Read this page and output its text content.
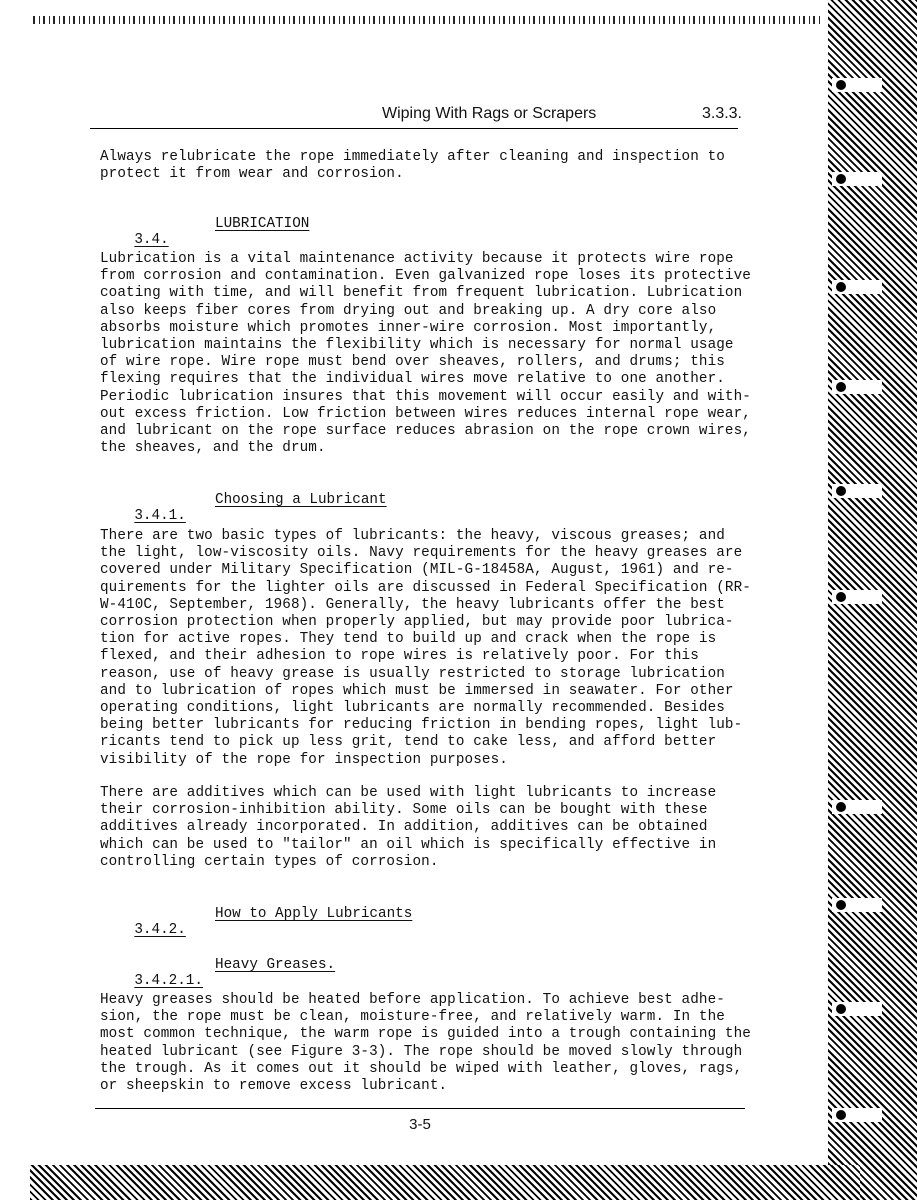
Wiping With Rags or Scrapers	3.3.3.

Always relubricate the rope immediately after cleaning and inspection to
protect it from wear and corrosion.

3.4.

LUBRICATION

Lubrication is a vital maintenance activity because it protects wire rope
from corrosion and contamination. Even galvanized rope loses its protective
coating with time, and will benefit from frequent lubrication. Lubrication
also keeps fiber cores from drying out and breaking up. A dry core also
absorbs moisture which promotes inner-wire corrosion. Most importantly,
lubrication maintains the flexibility which is necessary for normal usage
of wire rope. Wire rope must bend over sheaves, rollers, and drums; this
flexing requires that the individual wires move relative to one another.
Periodic lubrication insures that this movement will occur easily and with-
out excess friction. Low friction between wires reduces internal rope wear,
and lubricant on the rope surface reduces abrasion on the rope crown wires,
the sheaves, and the drum.

3.4.1.

Choosing a Lubricant

There are two basic types of lubricants: the heavy, viscous greases; and
the light, low-viscosity oils. Navy requirements for the heavy greases are
covered under Military Specification (MIL-G-18458A, August, 1961) and re-
quirements for the lighter oils are discussed in Federal Specification (RR-
W-410C, September, 1968). Generally, the heavy lubricants offer the best
corrosion protection when properly applied, but may provide poor lubrica-
tion for active ropes. They tend to build up and crack when the rope is
flexed, and their adhesion to rope wires is relatively poor. For this
reason, use of heavy grease is usually restricted to storage lubrication
and to lubrication of ropes which must be immersed in seawater. For other
operating conditions, light lubricants are normally recommended. Besides
being better lubricants for reducing friction in bending ropes, light lub-
ricants tend to pick up less grit, tend to cake less, and afford better
visibility of the rope for inspection purposes.

There are additives which can be used with light lubricants to increase
their corrosion-inhibition ability. Some oils can be bought with these
additives already incorporated. In addition, additives can be obtained
which can be used to "tailor" an oil which is specifically effective in
controlling certain types of corrosion.

3.4.2.

How to Apply Lubricants

3.4.2.1.

Heavy Greases.

Heavy greases should be heated before application. To achieve best adhe-
sion, the rope must be clean, moisture-free, and relatively warm. In the
most common technique, the warm rope is guided into a trough containing the
heated lubricant (see Figure 3-3). The rope should be moved slowly through
the trough. As it comes out it should be wiped with leather, gloves, rags,
or sheepskin to remove excess lubricant.

3-5
